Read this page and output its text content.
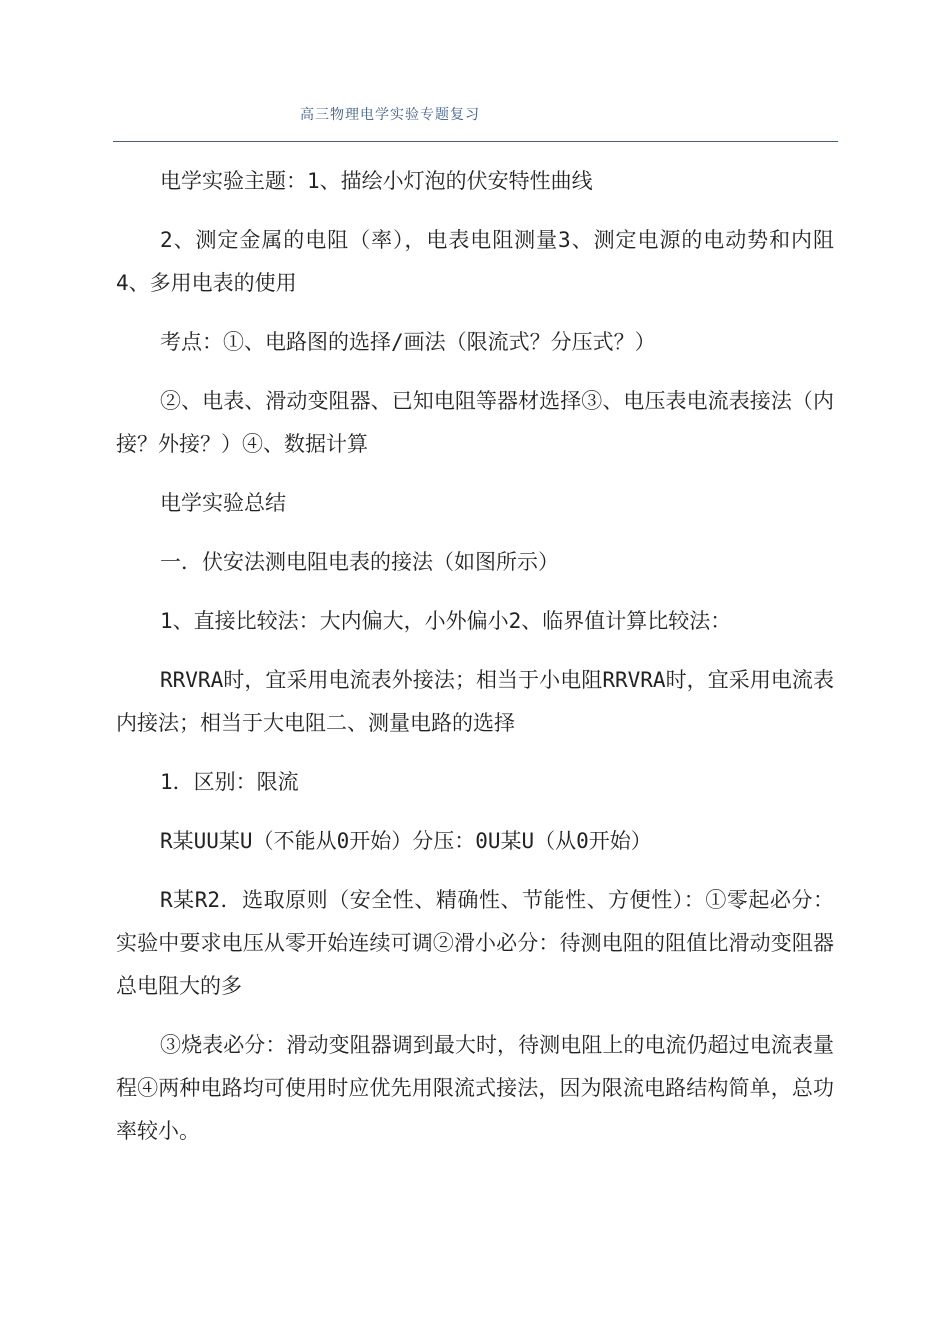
高三物理电学实验专题复习

电学实验主题：1、描绘小灯泡的伏安特性曲线

2、测定金属的电阻（率），电表电阻测量3、测定电源的电动势和内阻4、多用电表的使用

考点：①、电路图的选择/画法（限流式？分压式？）

②、电表、滑动变阻器、已知电阻等器材选择③、电压表电流表接法（内接？外接？）④、数据计算

电学实验总结

一．伏安法测电阻电表的接法（如图所示）

1、直接比较法：大内偏大，小外偏小2、临界值计算比较法：

RRVRA时，宜采用电流表外接法；相当于小电阻RRVRA时，宜采用电流表内接法；相当于大电阻二、测量电路的选择

1．区别：限流

R某UU某U（不能从0开始）分压：0U某U（从0开始）

R某R2．选取原则（安全性、精确性、节能性、方便性）：①零起必分：实验中要求电压从零开始连续可调②滑小必分：待测电阻的阻值比滑动变阻器总电阻大的多

③烧表必分：滑动变阻器调到最大时，待测电阻上的电流仍超过电流表量程④两种电路均可使用时应优先用限流式接法，因为限流电路结构简单，总功率较小。
